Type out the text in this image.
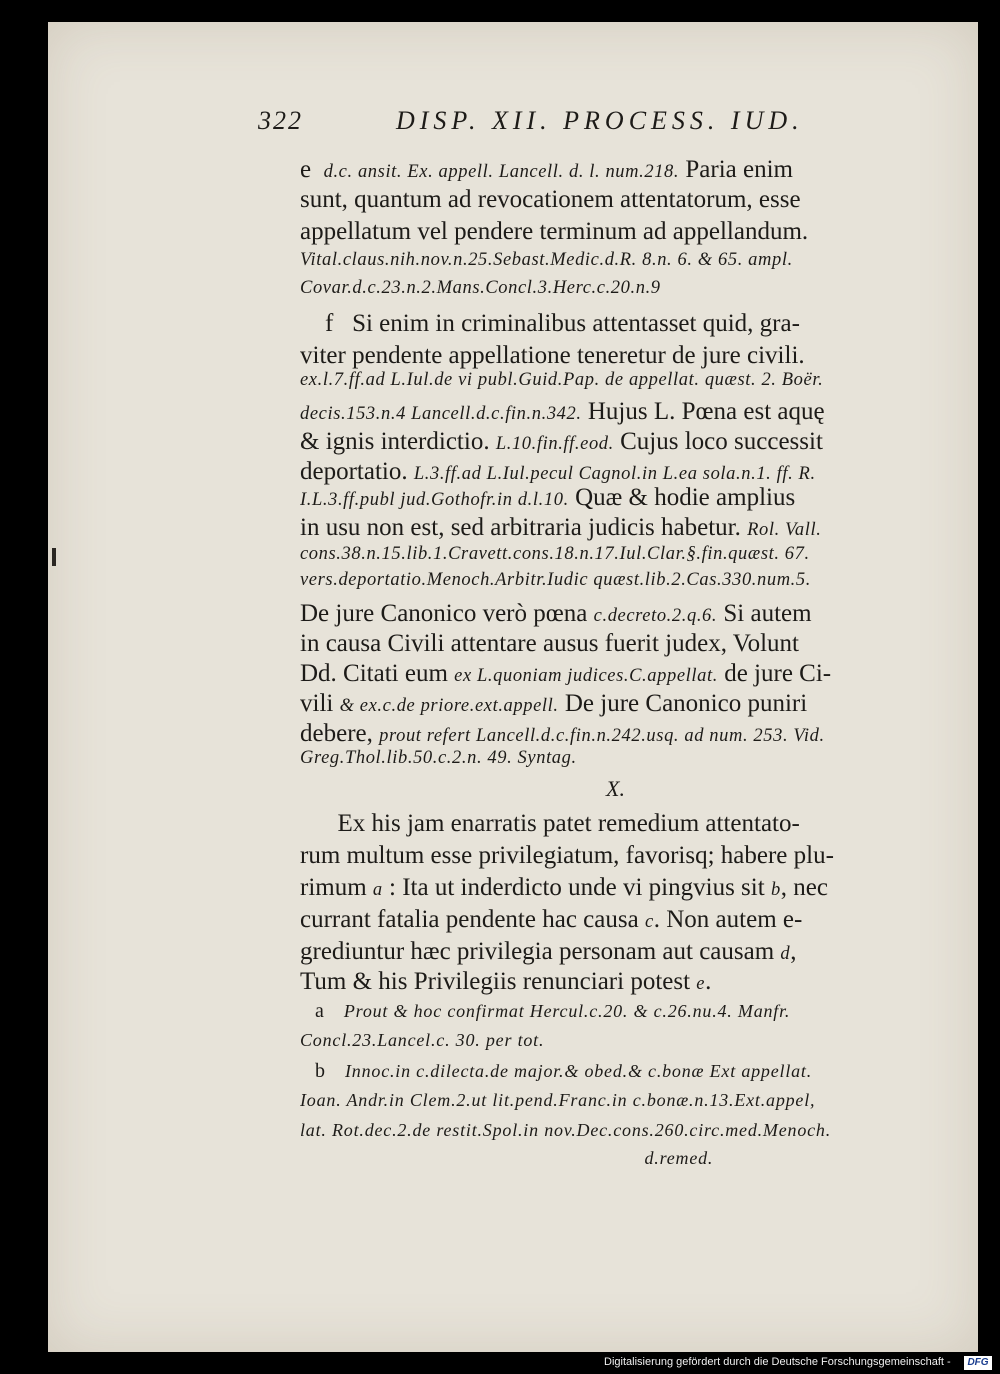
322	DISP. XII. PROCESS. IUD.
e  d.c. ansit. Ex. appell. Lancell. d. l. num.218. Paria enim
sunt, quantum ad revocationem attentatorum, esse
appellatum vel pendere terminum ad appellandum.
Vital.claus.nih.nov.n.25.Sebast.Medic.d.R. 8.n. 6. & 65. ampl.
Covar.d.c.23.n.2.Mans.Concl.3.Herc.c.20.n.9
f   Si enim in criminalibus attentasset quid, gra-
viter pendente appellatione teneretur de jure civili.
ex.l.7.ff.ad L.Iul.de vi publ.Guid.Pap. de appellat. quæst. 2. Boër.
decis.153.n.4 Lancell.d.c.fin.n.342. Hujus L. Pœna est aquę
& ignis interdictio. L.10.fin.ff.eod. Cujus loco successit
deportatio. L.3.ff.ad L.Iul.pecul Cagnol.in L.ea sola.n.1. ff. R.
I.L.3.ff.publ jud.Gothofr.in d.l.10. Quæ & hodie amplius
in usu non est, sed arbitraria judicis habetur. Rol. Vall.
cons.38.n.15.lib.1.Cravett.cons.18.n.17.Iul.Clar.§.fin.quæst. 67.
vers.deportatio.Menoch.Arbitr.Iudic quæst.lib.2.Cas.330.num.5.
De jure Canonico verò pœna c.decreto.2.q.6. Si autem
in causa Civili attentare ausus fuerit judex, Volunt
Dd. Citati eum ex L.quoniam judices.C.appellat. de jure Ci-
vili & ex.c.de priore.ext.appell. De jure Canonico puniri
debere, prout refert Lancell.d.c.fin.n.242.usq. ad num. 253. Vid.
Greg.Thol.lib.50.c.2.n. 49. Syntag.
X.
Ex his jam enarratis patet remedium attentato-
rum multum esse privilegiatum, favorisq; habere plu-
rimum a : Ita ut inderdicto unde vi pingvius sit b, nec
currant fatalia pendente hac causa c. Non autem e-
grediuntur hæc privilegia personam aut causam d,
Tum & his Privilegiis renunciari potest e.
a    Prout & hoc confirmat Hercul.c.20. & c.26.nu.4. Manfr.
Concl.23.Lancel.c. 30. per tot.
b    Innoc.in c.dilecta.de major.& obed.& c.bonæ Ext appellat.
Ioan. Andr.in Clem.2.ut lit.pend.Franc.in c.bonæ.n.13.Ext.appel,
lat. Rot.dec.2.de restit.Spol.in nov.Dec.cons.260.circ.med.Menoch.
d.remed.
Digitalisierung gefördert durch die Deutsche Forschungsgemeinschaft -	DFG
